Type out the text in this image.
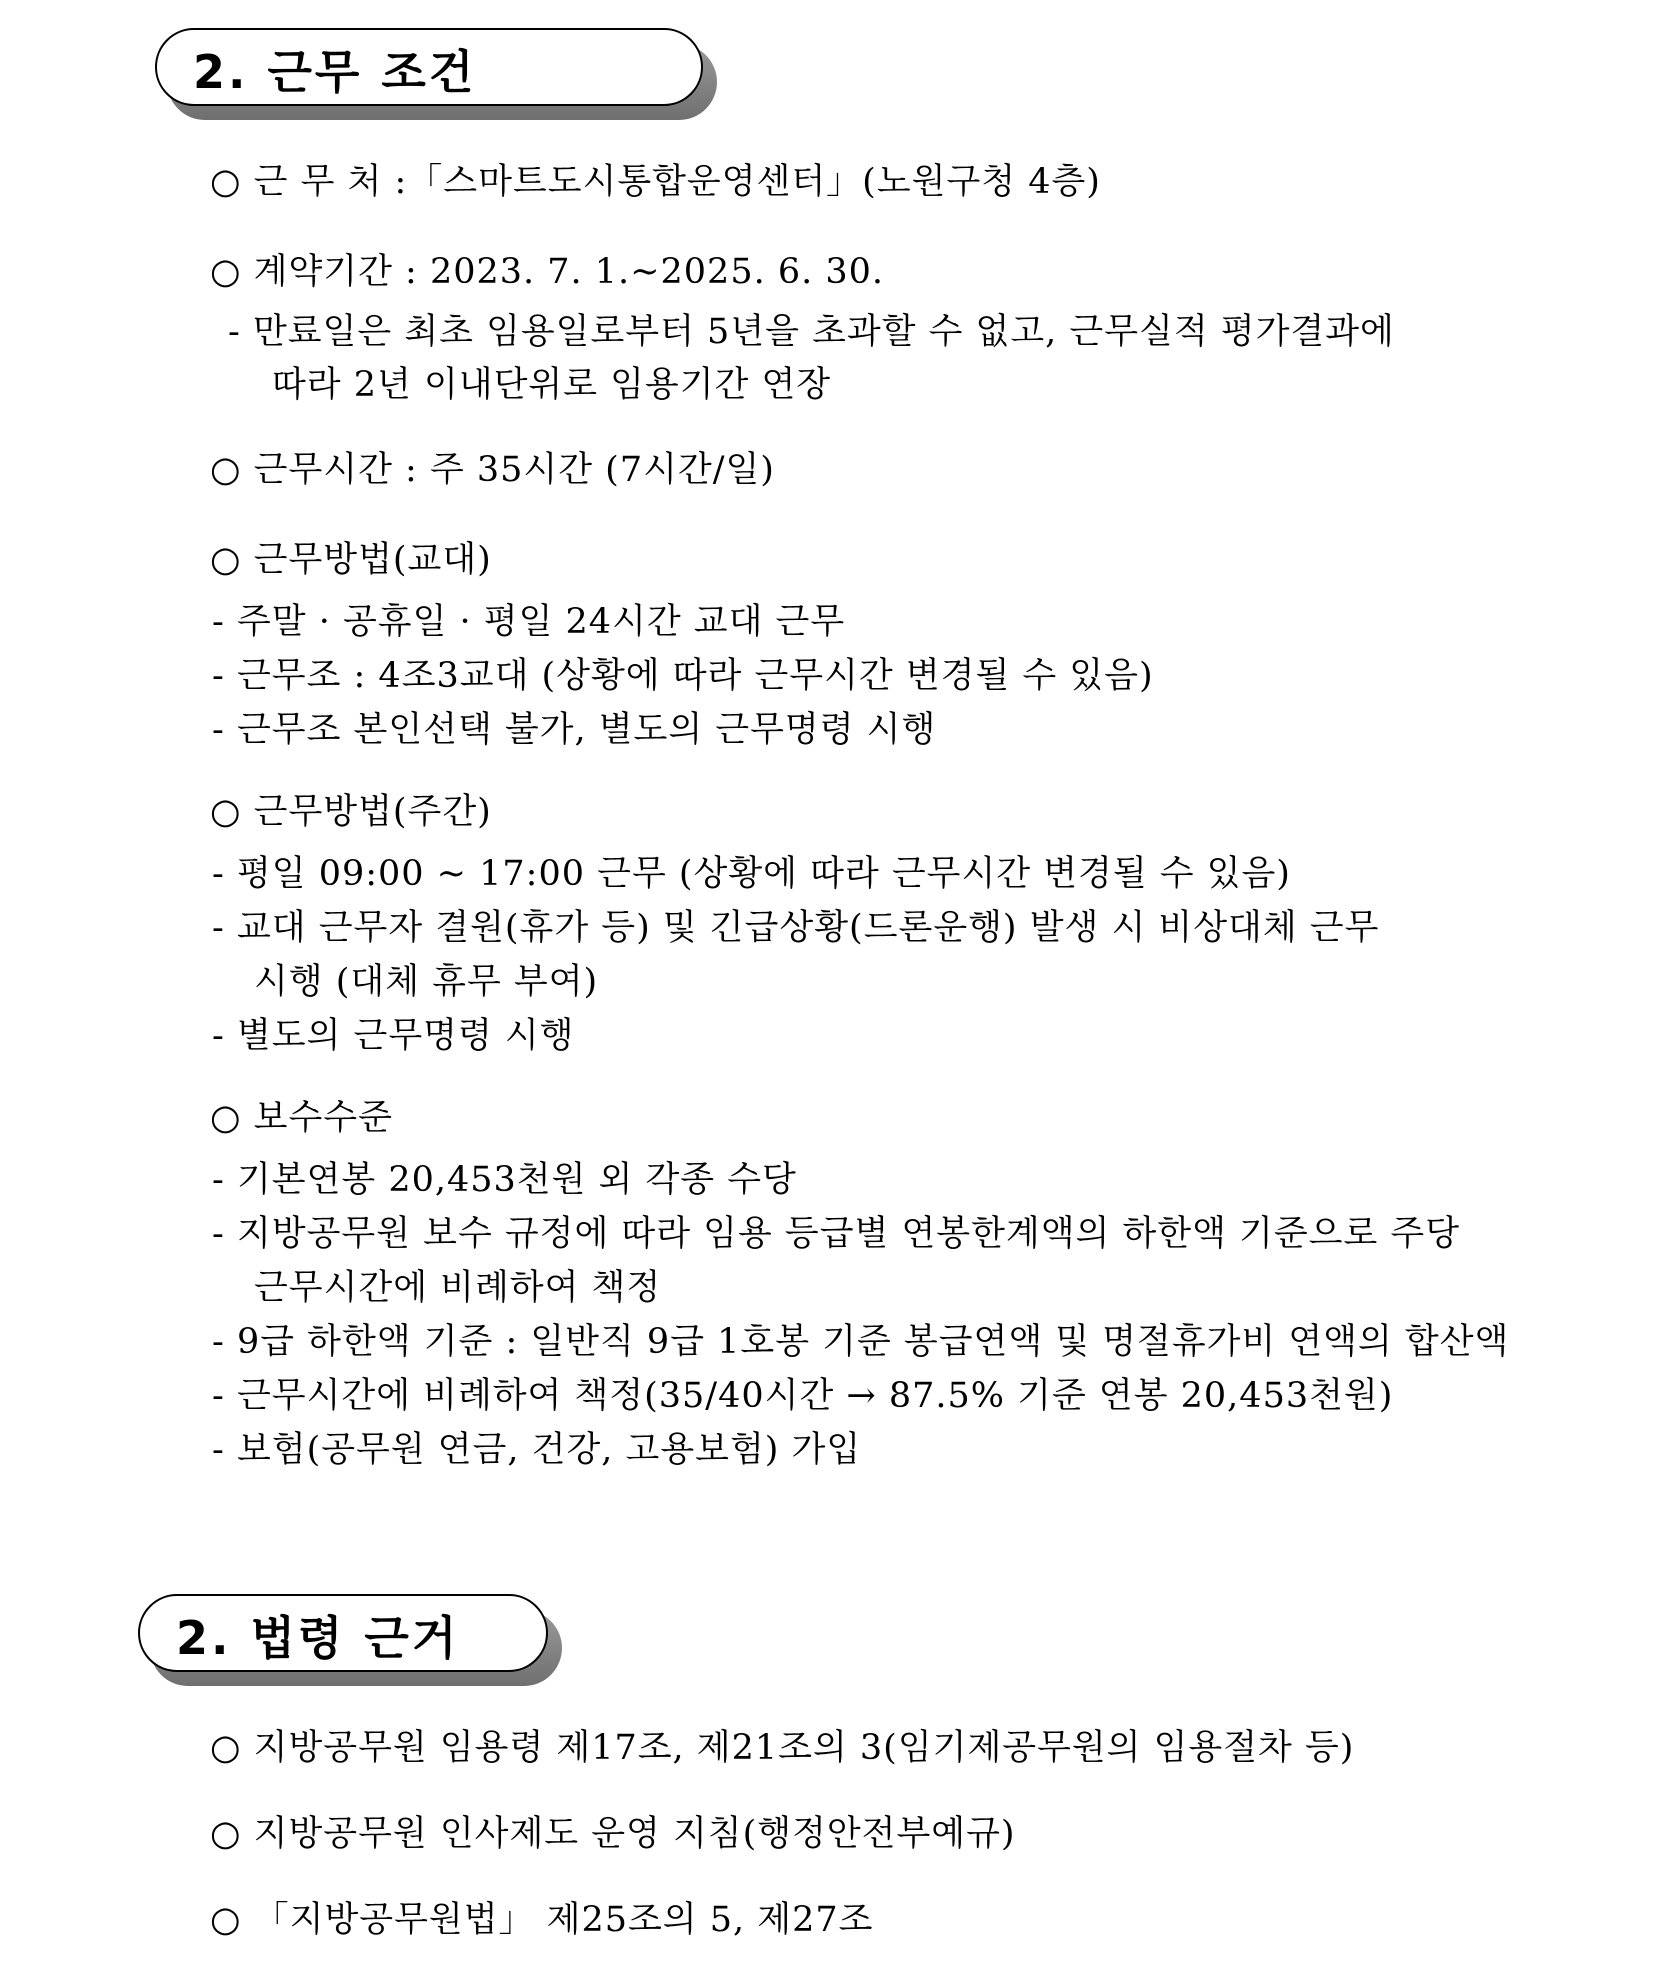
2. 근무 조건
○ 근 무 처 :「스마트도시통합운영센터」(노원구청 4층)
○ 계약기간 : 2023. 7. 1.~2025. 6. 30.
- 만료일은 최초 임용일로부터 5년을 초과할 수 없고, 근무실적 평가결과에
따라 2년 이내단위로 임용기간 연장
○ 근무시간 : 주 35시간 (7시간/일)
○ 근무방법(교대)
- 주말 · 공휴일 · 평일 24시간 교대 근무
- 근무조 : 4조3교대 (상황에 따라 근무시간 변경될 수 있음)
- 근무조 본인선택 불가, 별도의 근무명령 시행
○ 근무방법(주간)
- 평일 09:00 ~ 17:00 근무 (상황에 따라 근무시간 변경될 수 있음)
- 교대 근무자 결원(휴가 등) 및 긴급상황(드론운행) 발생 시 비상대체 근무
시행 (대체 휴무 부여)
- 별도의 근무명령 시행
○ 보수수준
- 기본연봉 20,453천원 외 각종 수당
- 지방공무원 보수 규정에 따라 임용 등급별 연봉한계액의 하한액 기준으로 주당
근무시간에 비례하여 책정
- 9급 하한액 기준 : 일반직 9급 1호봉 기준 봉급연액 및 명절휴가비 연액의 합산액
- 근무시간에 비례하여 책정(35/40시간 → 87.5% 기준 연봉 20,453천원)
- 보험(공무원 연금, 건강, 고용보험) 가입
2. 법령 근거
○ 지방공무원 임용령 제17조, 제21조의 3(임기제공무원의 임용절차 등)
○ 지방공무원 인사제도 운영 지침(행정안전부예규)
○ 「지방공무원법」 제25조의 5, 제27조
